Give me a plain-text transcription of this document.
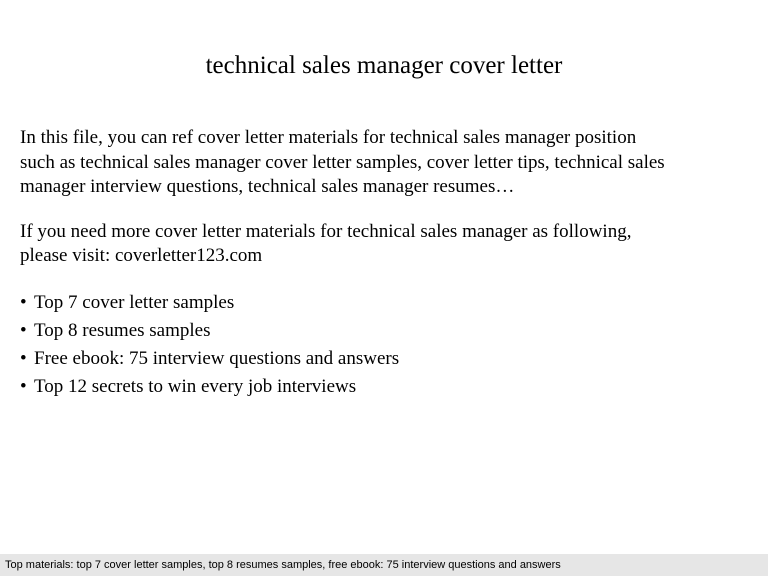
technical sales manager cover letter

In this file, you can ref cover letter materials for technical sales manager position
such as technical sales manager cover letter samples, cover letter tips, technical sales
manager interview questions, technical sales manager resumes…

If you need more cover letter materials for technical sales manager as following,
please visit: coverletter123.com

• Top 7 cover letter samples
• Top 8 resumes samples
• Free ebook: 75 interview questions and answers
• Top 12 secrets to win every job interviews
Top materials: top 7 cover letter samples, top 8 resumes samples, free ebook: 75 interview questions and answers
